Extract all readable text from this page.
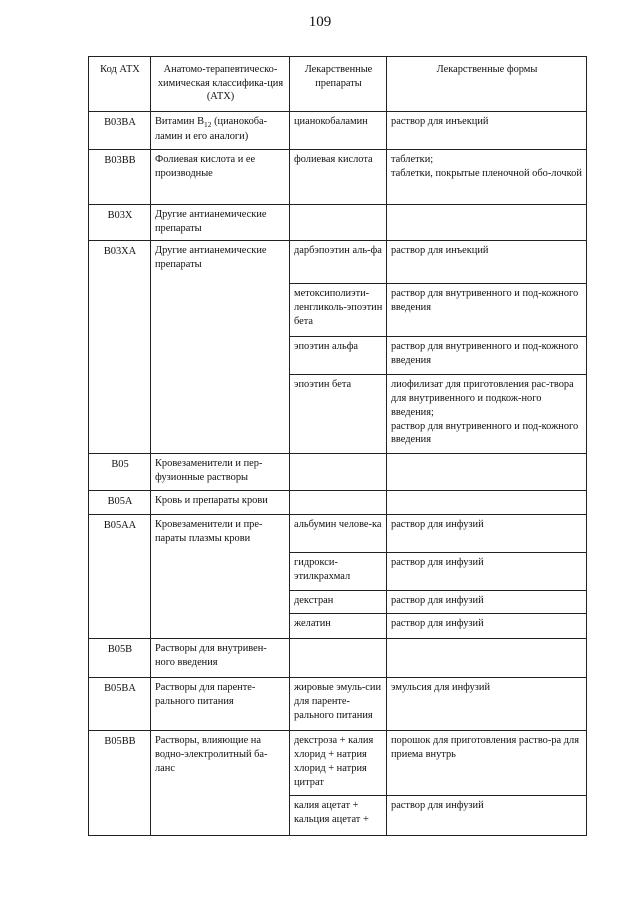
109
Код АТХ	Анатомо-терапевтическо-химическая классифика-ция (АТХ)	Лекарственные препараты	Лекарственные формы
B03BA	Витамин $B_{12}$ (цианокоба-ламин и его аналоги)	цианокобаламин	раствор для инъекций
B03BB	Фолиевая кислота и ее производные	фолиевая кислота	таблетки;
таблетки, покрытые пленочной обо-лочкой
B03X	Другие антианемические препараты		
B03XA	Другие антианемические препараты	дарбэпоэтин аль-фа	раствор для инъекций
		метоксиполиэти-ленгликоль-эпоэтин бета	раствор для внутривенного и под-кожного введения
		эпоэтин альфа	раствор для внутривенного и под-кожного введения
		эпоэтин бета	лиофилизат для приготовления рас-твора для внутривенного и подкож-ного введения;
раствор для внутривенного и под-кожного введения
B05	Кровезаменители и пер-фузионные растворы		
B05A	Кровь и препараты крови		
B05AA	Кровезаменители и пре-параты плазмы крови	альбумин челове-ка	раствор для инфузий
		гидрокси-этилкрахмал	раствор для инфузий
		декстран	раствор для инфузий
		желатин	раствор для инфузий
B05B	Растворы для внутривен-ного введения		
B05BA	Растворы для паренте-рального питания	жировые эмуль-сии для паренте-рального питания	эмульсия для инфузий
B05BB	Растворы, влияющие на водно-электролитный ба-ланс	декстроза + калия хлорид + натрия хлорид + натрия цитрат	порошок для приготовления раство-ра для приема внутрь
		калия ацетат + кальция ацетат +	раствор для инфузий
